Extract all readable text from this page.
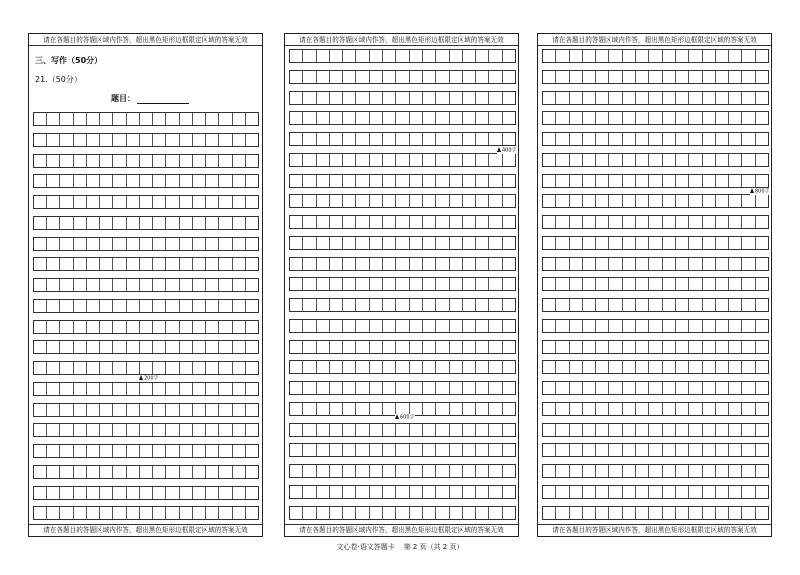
请在各题目的答题区域内作答，超出黑色矩形边框限定区域的答案无效
三、写作（50分）
21.（50分）
题目：
200字
请在各题目的答题区域内作答，超出黑色矩形边框限定区域的答案无效
请在各题目的答题区域内作答，超出黑色矩形边框限定区域的答案无效
400字
600字
请在各题目的答题区域内作答，超出黑色矩形边框限定区域的答案无效
请在各题目的答题区域内作答，超出黑色矩形边框限定区域的答案无效
800字
请在各题目的答题区域内作答，超出黑色矩形边框限定区域的答案无效
文心卷·语文答题卡 第 2 页（共 2 页）
